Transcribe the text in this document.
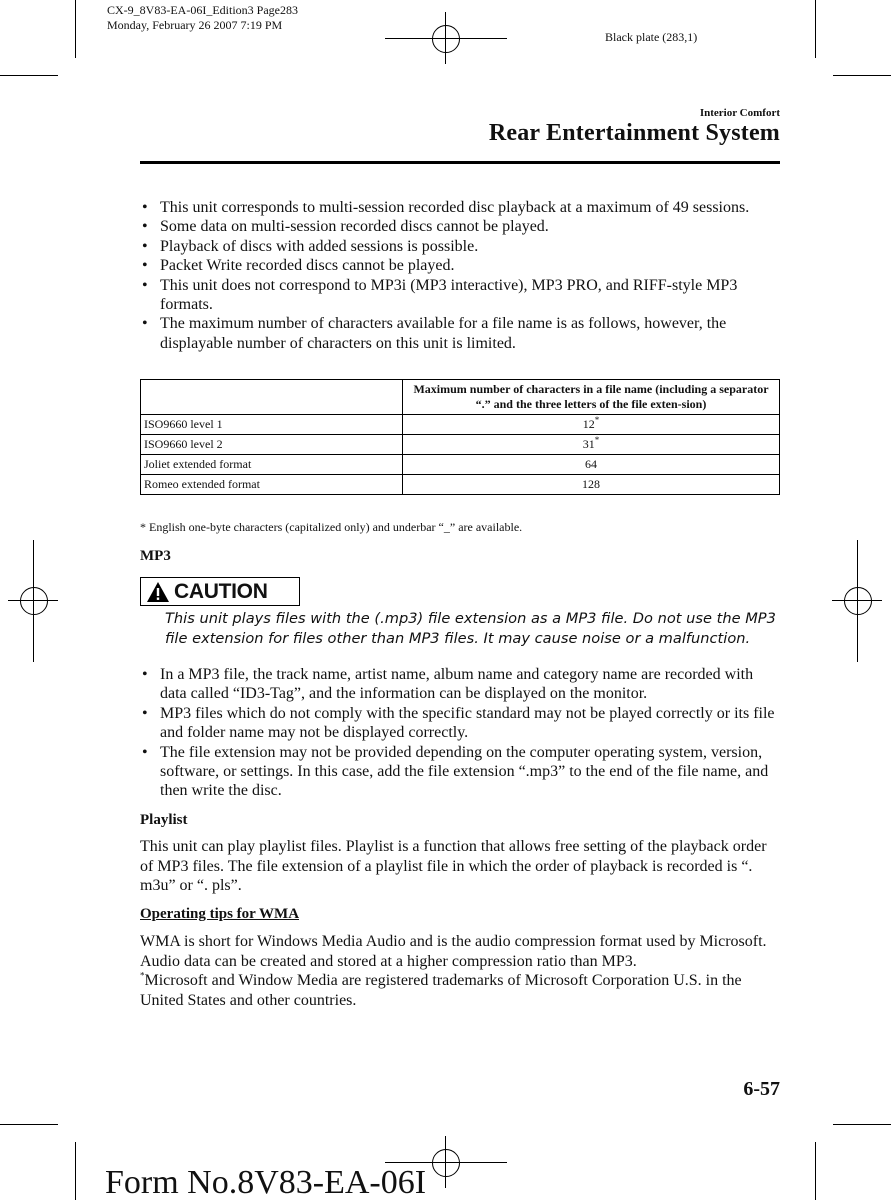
CX-9_8V83-EA-06I_Edition3 Page283
Monday, February 26 2007 7:19 PM
Black plate (283,1)
Interior Comfort
Rear Entertainment System
• This unit corresponds to multi-session recorded disc playback at a maximum of 49 sessions.
• Some data on multi-session recorded discs cannot be played.
• Playback of discs with added sessions is possible.
• Packet Write recorded discs cannot be played.
• This unit does not correspond to MP3i (MP3 interactive), MP3 PRO, and RIFF-style MP3 formats.
• The maximum number of characters available for a file name is as follows, however, the displayable number of characters on this unit is limited.
	Maximum number of characters in a file name (including a separator “.” and the three letters of the file exten-sion)
ISO9660 level 1	12*
ISO9660 level 2	31*
Joliet extended format	64
Romeo extended format	128
* English one-byte characters (capitalized only) and underbar “_” are available.
MP3
CAUTION
This unit plays files with the (.mp3) file extension as a MP3 file. Do not use the MP3 file extension for files other than MP3 files. It may cause noise or a malfunction.
• In a MP3 file, the track name, artist name, album name and category name are recorded with data called “ID3-Tag”, and the information can be displayed on the monitor.
• MP3 files which do not comply with the specific standard may not be played correctly or its file and folder name may not be displayed correctly.
• The file extension may not be provided depending on the computer operating system, version, software, or settings. In this case, add the file extension “.mp3” to the end of the file name, and then write the disc.
Playlist
This unit can play playlist files. Playlist is a function that allows free setting of the playback order of MP3 files. The file extension of a playlist file in which the order of playback is recorded is “. m3u” or “. pls”.
Operating tips for WMA
WMA is short for Windows Media Audio and is the audio compression format used by Microsoft.
Audio data can be created and stored at a higher compression ratio than MP3.
*Microsoft and Window Media are registered trademarks of Microsoft Corporation U.S. in the United States and other countries.
6-57
Form No.8V83-EA-06I
